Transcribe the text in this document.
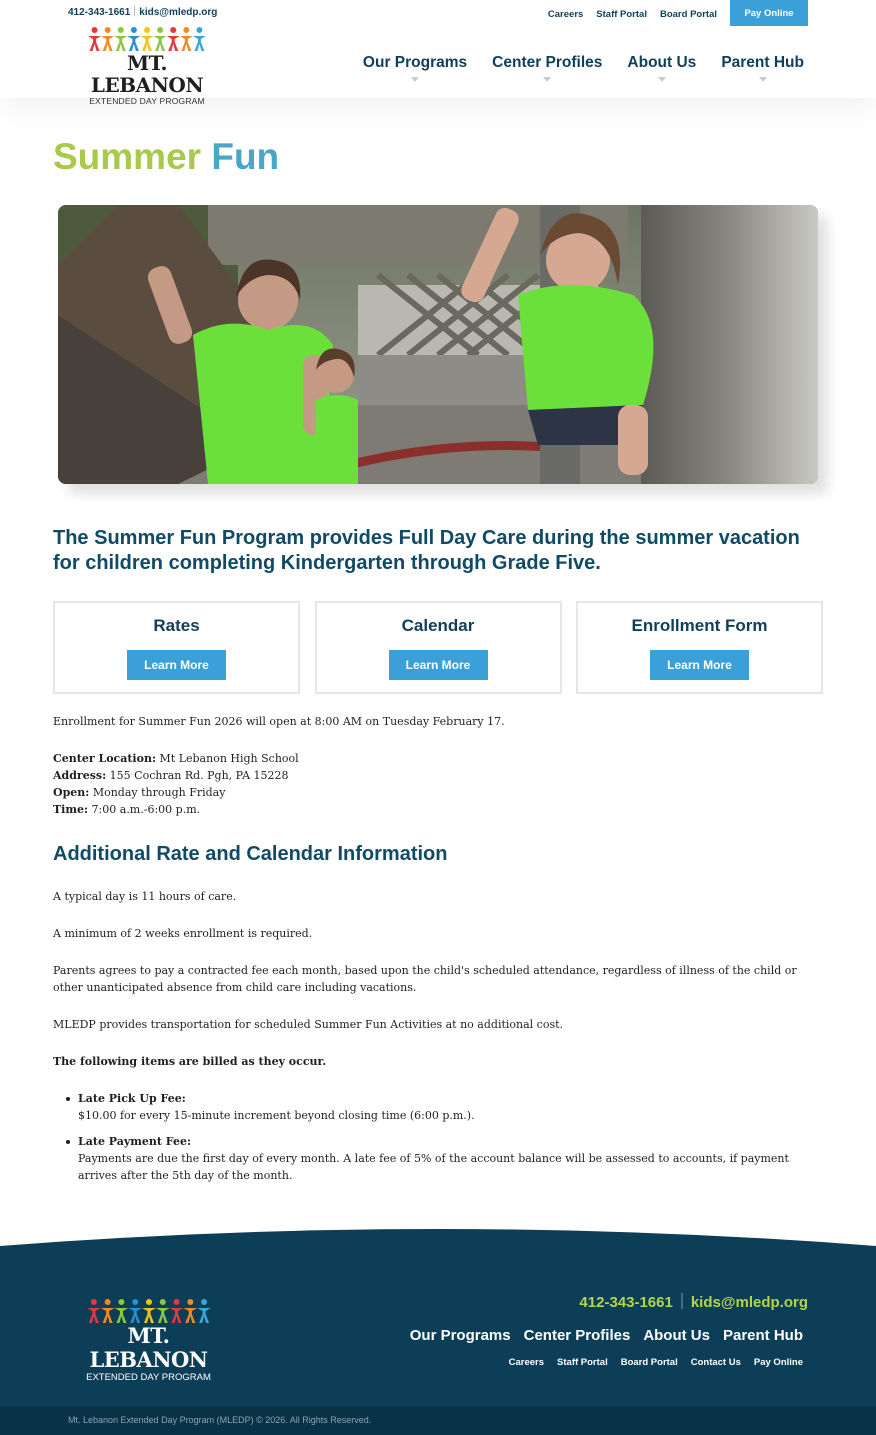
412-343-1661 kids@mledp.org	Careers Staff Portal Board Portal	Pay Online
MT. LEBANON
EXTENDED DAY PROGRAM
Our Programs Center Profiles About Us Parent Hub
Summer Fun
The Summer Fun Program provides Full Day Care during the summer vacation for children completing Kindergarten through Grade Five.
Rates
Learn More
Calendar
Learn More
Enrollment Form
Learn More
Enrollment for Summer Fun 2026 will open at 8:00 AM on Tuesday February 17.
Center Location: Mt Lebanon High School
Address: 155 Cochran Rd. Pgh, PA 15228
Open: Monday through Friday
Time: 7:00 a.m.-6:00 p.m.
Additional Rate and Calendar Information
A typical day is 11 hours of care.
A minimum of 2 weeks enrollment is required.
Parents agrees to pay a contracted fee each month, based upon the child's scheduled attendance, regardless of illness of the child or other unanticipated absence from child care including vacations.
MLEDP provides transportation for scheduled Summer Fun Activities at no additional cost.
The following items are billed as they occur.
Late Pick Up Fee:
$10.00 for every 15-minute increment beyond closing time (6:00 p.m.).
Late Payment Fee:
Payments are due the first day of every month. A late fee of 5% of the account balance will be assessed to accounts, if payment arrives after the 5th day of the month.
MT. LEBANON
EXTENDED DAY PROGRAM
412-343-1661 kids@mledp.org
Our Programs Center Profiles About Us Parent Hub
Careers Staff Portal Board Portal Contact Us Pay Online
Mt. Lebanon Extended Day Program (MLEDP) © 2026. All Rights Reserved.
